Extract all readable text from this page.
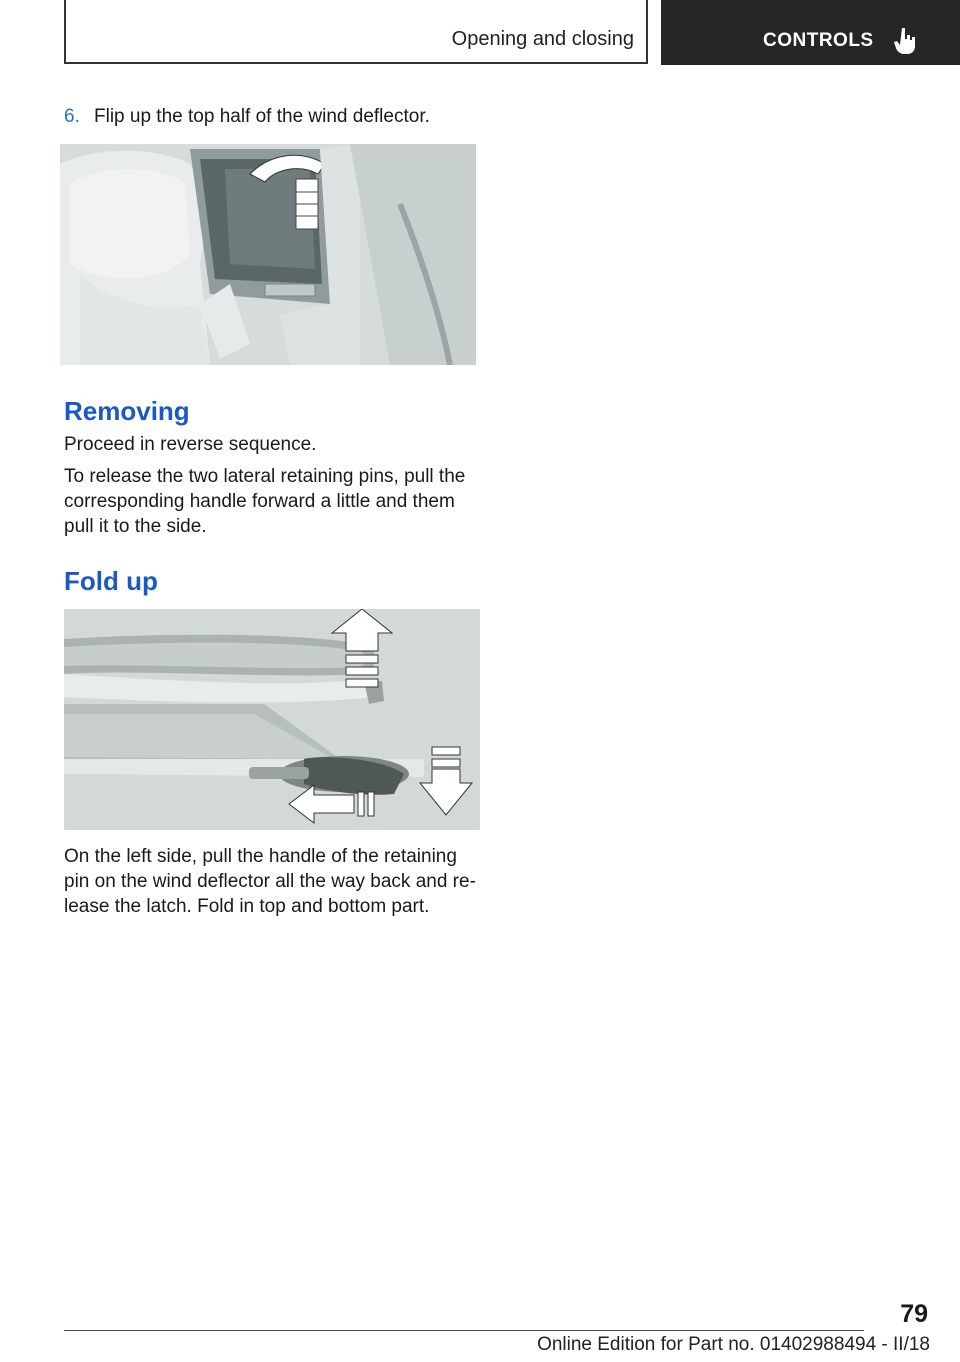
Opening and closing	CONTROLS
6. Flip up the top half of the wind deflector.
Removing

Proceed in reverse sequence.

To release the two lateral retaining pins, pull the corresponding handle forward a little and them pull it to the side.

Fold up

On the left side, pull the handle of the retaining pin on the wind deflector all the way back and re-lease the latch. Fold in top and bottom part.

79
Online Edition for Part no. 01402988494 - II/18
